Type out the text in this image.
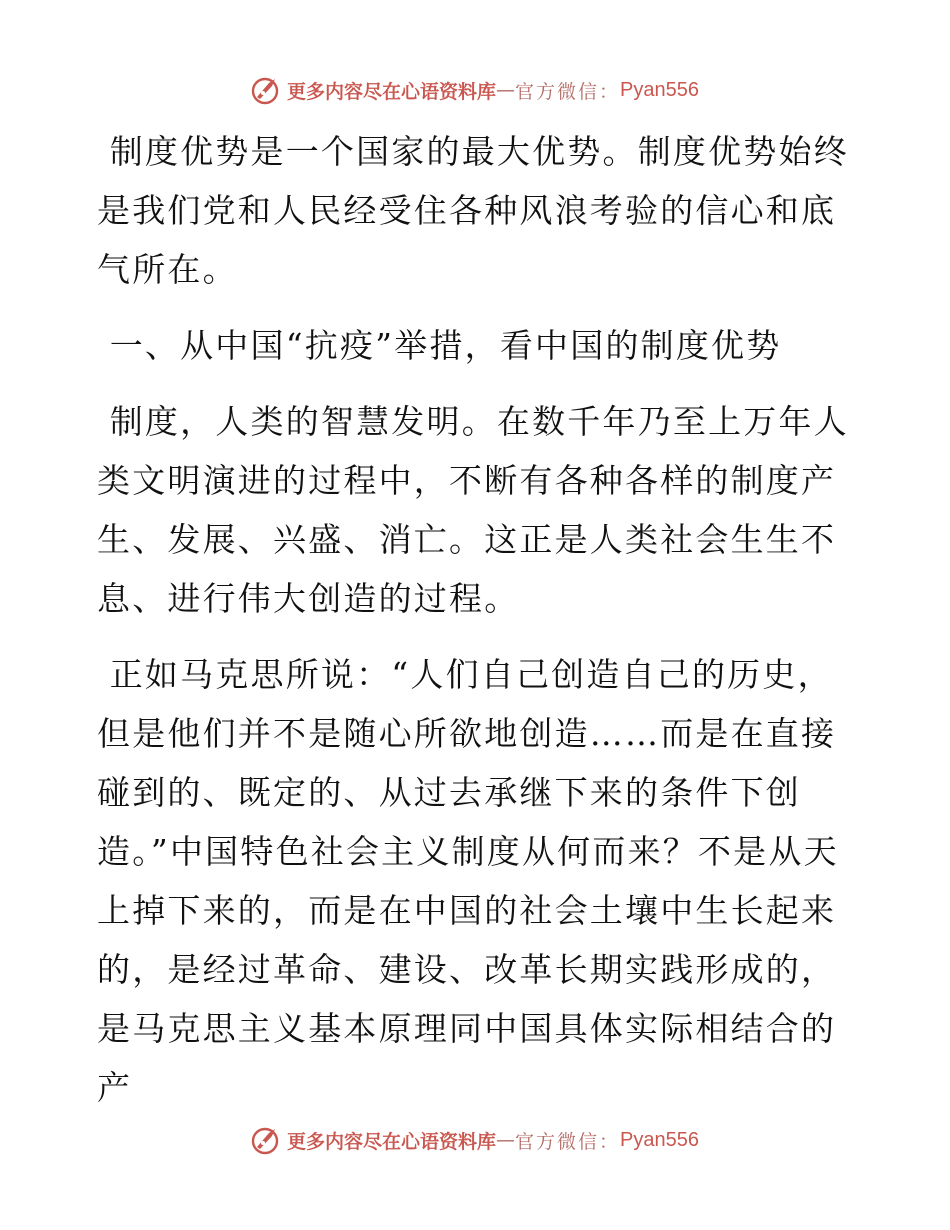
更多内容尽在心语资料库 — 官方微信： Pyan556

制度优势是一个国家的最大优势。制度优势始终是我们党和人民经受住各种风浪考验的信心和底气所在。

一、从中国“抗疫”举措，看中国的制度优势

制度，人类的智慧发明。在数千年乃至上万年人类文明演进的过程中，不断有各种各样的制度产生、发展、兴盛、消亡。这正是人类社会生生不息、进行伟大创造的过程。

正如马克思所说：“人们自己创造自己的历史，但是他们并不是随心所欲地创造……而是在直接碰到的、既定的、从过去承继下来的条件下创造。”中国特色社会主义制度从何而来？不是从天上掉下来的，而是在中国的社会土壤中生长起来的，是经过革命、建设、改革长期实践形成的，是马克思主义基本原理同中国具体实际相结合的产

更多内容尽在心语资料库 — 官方微信： Pyan556
